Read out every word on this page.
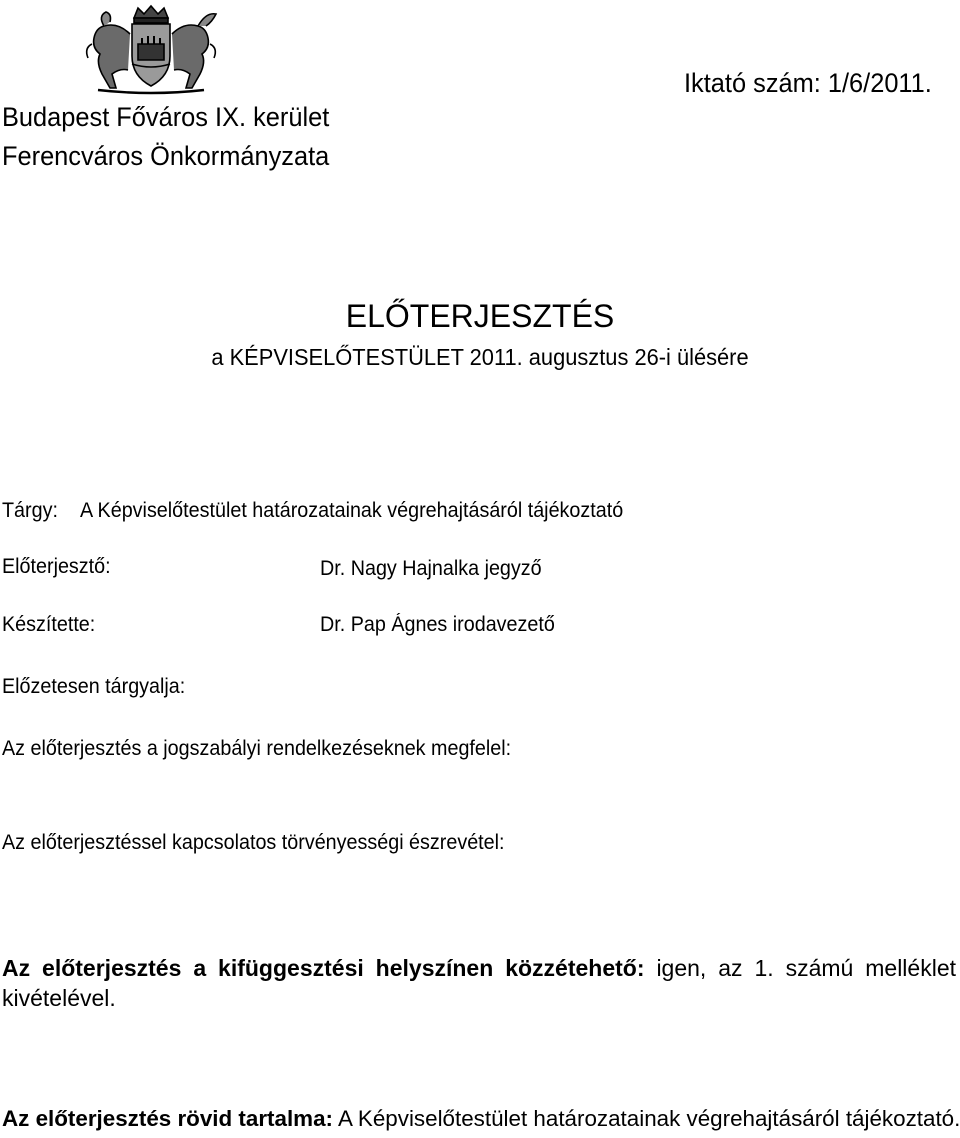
Budapest Főváros IX. kerület
Ferencváros Önkormányzata
Iktató szám: 1/6/2011.
ELŐTERJESZTÉS
a KÉPVISELŐTESTÜLET 2011. augusztus 26-i ülésére
Tárgy: A Képviselőtestület határozatainak végrehajtásáról tájékoztató
Előterjesztő:	Dr. Nagy Hajnalka jegyző
Készítette:	Dr. Pap Ágnes irodavezető
Előzetesen tárgyalja:
Az előterjesztés a jogszabályi rendelkezéseknek megfelel:
Az előterjesztéssel kapcsolatos törvényességi észrevétel:
Az előterjesztés a kifüggesztési helyszínen közzétehető: igen, az 1. számú melléklet kivételével.
Az előterjesztés rövid tartalma: A Képviselőtestület határozatainak végrehajtásáról tájékoztató.
